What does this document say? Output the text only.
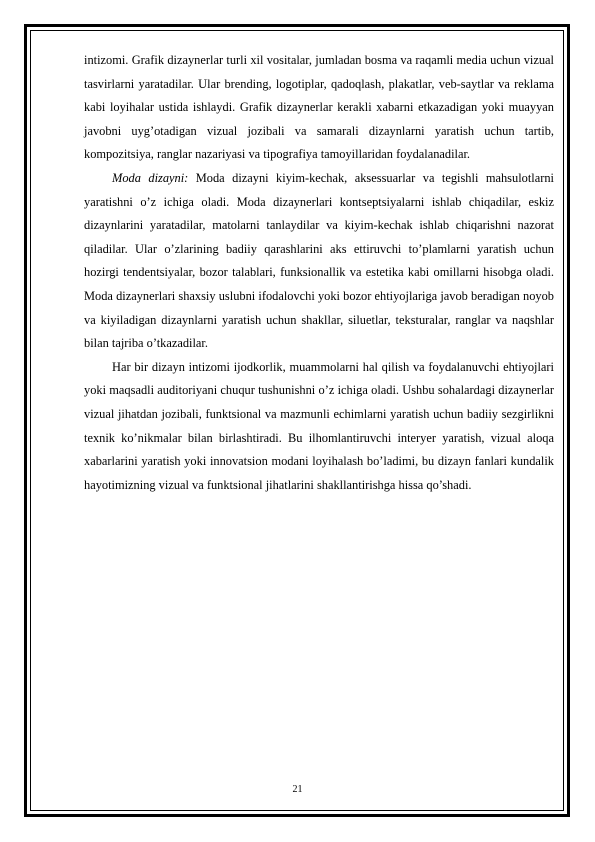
intizomi. Grafik dizaynerlar turli xil vositalar, jumladan bosma va raqamli media uchun vizual tasvirlarni yaratadilar. Ular brending, logotiplar, qadoqlash, plakatlar, veb-saytlar va reklama kabi loyihalar ustida ishlaydi. Grafik dizaynerlar kerakli xabarni etkazadigan yoki muayyan javobni uyg’otadigan vizual jozibali va samarali dizaynlarni yaratish uchun tartib, kompozitsiya, ranglar nazariyasi va tipografiya tamoyillaridan foydalanadilar.

Moda dizayni: Moda dizayni kiyim-kechak, aksessuarlar va tegishli mahsulotlarni yaratishni o’z ichiga oladi. Moda dizaynerlari kontseptsiyalarni ishlab chiqadilar, eskiz dizaynlarini yaratadilar, matolarni tanlaydilar va kiyim-kechak ishlab chiqarishni nazorat qiladilar. Ular o’zlarining badiiy qarashlarini aks ettiruvchi to’plamlarni yaratish uchun hozirgi tendentsiyalar, bozor talablari, funksionallik va estetika kabi omillarni hisobga oladi. Moda dizaynerlari shaxsiy uslubni ifodalovchi yoki bozor ehtiyojlariga javob beradigan noyob va kiyiladigan dizaynlarni yaratish uchun shakllar, siluetlar, teksturalar, ranglar va naqshlar bilan tajriba o’tkazadilar.

Har bir dizayn intizomi ijodkorlik, muammolarni hal qilish va foydalanuvchi ehtiyojlari yoki maqsadli auditoriyani chuqur tushunishni o’z ichiga oladi. Ushbu sohalardagi dizaynerlar vizual jihatdan jozibali, funktsional va mazmunli echimlarni yaratish uchun badiiy sezgirlikni texnik ko’nikmalar bilan birlashtiradi. Bu ilhomlantiruvchi interyer yaratish, vizual aloqa xabarlarini yaratish yoki innovatsion modani loyihalash bo’ladimi, bu dizayn fanlari kundalik hayotimizning vizual va funktsional jihatlarini shakllantirishga hissa qo’shadi.

21
